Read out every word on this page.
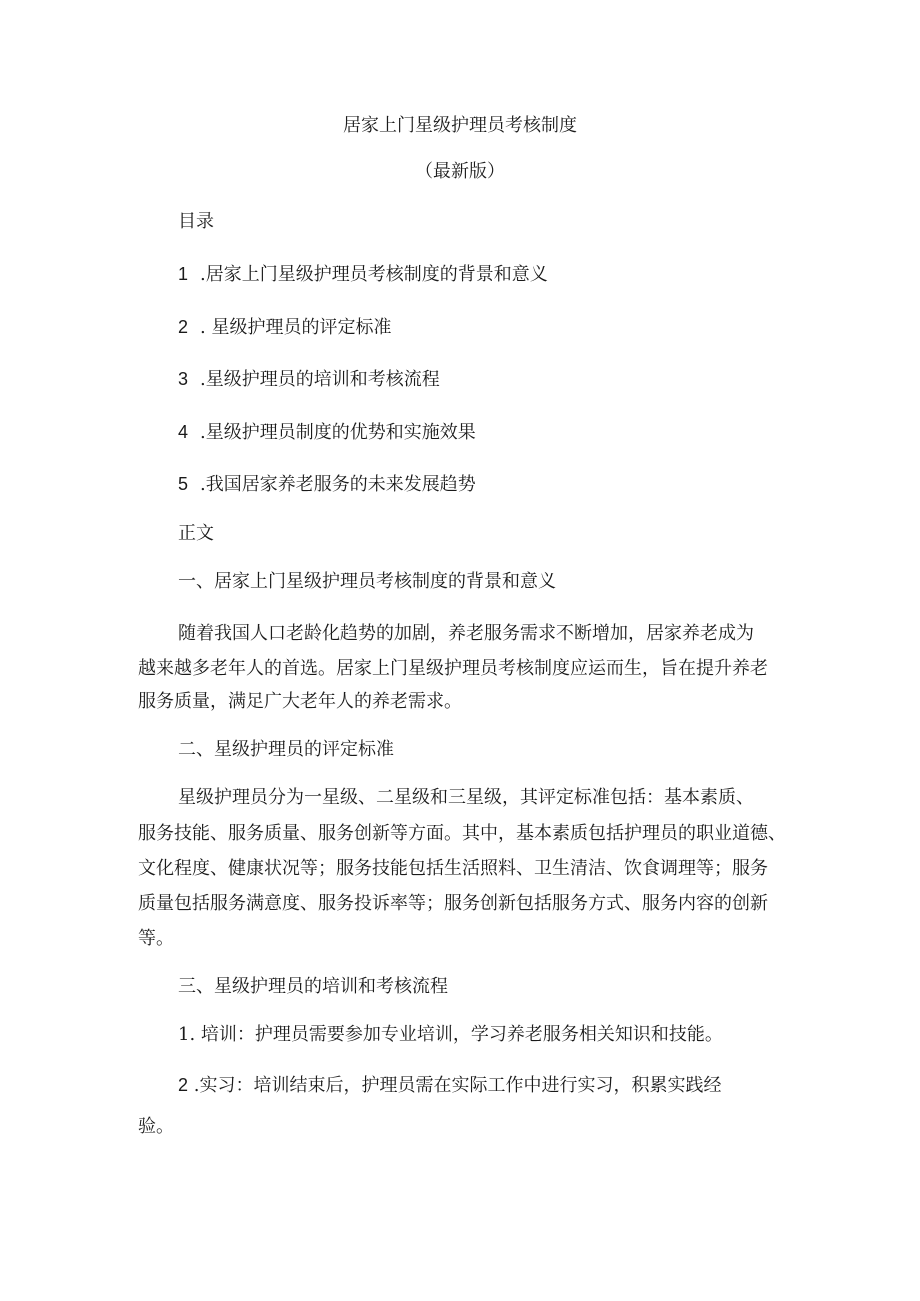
居家上门星级护理员考核制度
（最新版）
目录
1 .居家上门星级护理员考核制度的背景和意义
2 . 星级护理员的评定标准
3 .星级护理员的培训和考核流程
4 .星级护理员制度的优势和实施效果
5 .我国居家养老服务的未来发展趋势
正文
一、居家上门星级护理员考核制度的背景和意义
随着我国人口老龄化趋势的加剧，养老服务需求不断增加，居家养老成为
越来越多老年人的首选。居家上门星级护理员考核制度应运而生，旨在提升养老
服务质量，满足广大老年人的养老需求。
二、星级护理员的评定标准
星级护理员分为一星级、二星级和三星级，其评定标准包括：基本素质、
服务技能、服务质量、服务创新等方面。其中，基本素质包括护理员的职业道德、
文化程度、健康状况等；服务技能包括生活照料、卫生清洁、饮食调理等；服务
质量包括服务满意度、服务投诉率等；服务创新包括服务方式、服务内容的创新
等。
三、星级护理员的培训和考核流程
1. 培训：护理员需要参加专业培训，学习养老服务相关知识和技能。
2 .实习：培训结束后，护理员需在实际工作中进行实习，积累实践经
验。
